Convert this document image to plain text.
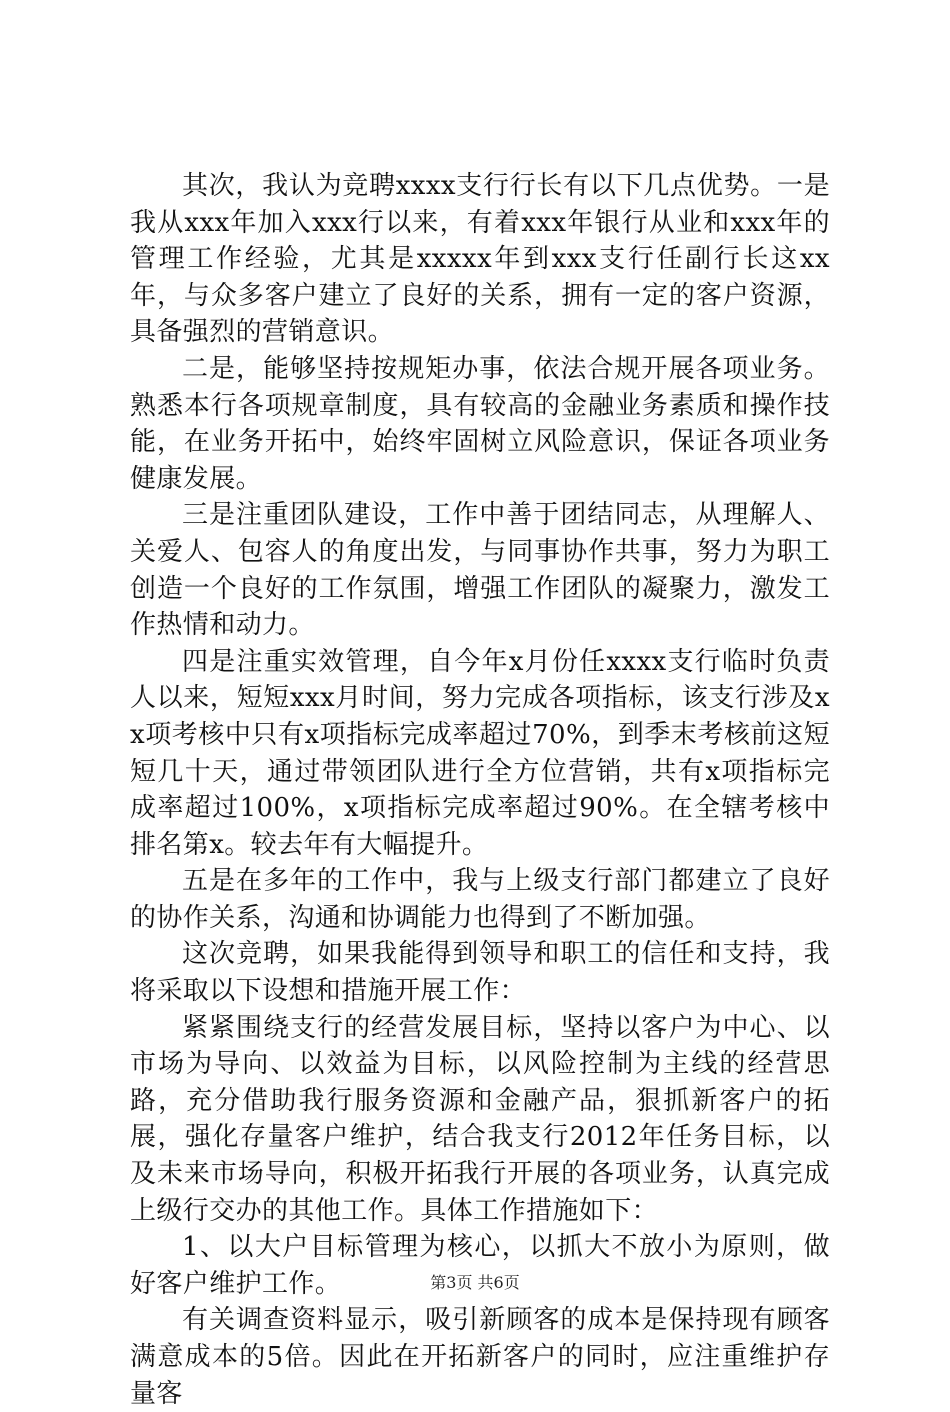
其次，我认为竞聘xxxx支行行长有以下几点优势。一是我从xxx年加入xxx行以来，有着xxx年银行从业和xxx年的管理工作经验，尤其是xxxxx年到xxx支行任副行长这xx年，与众多客户建立了良好的关系，拥有一定的客户资源，具备强烈的营销意识。

二是，能够坚持按规矩办事，依法合规开展各项业务。熟悉本行各项规章制度，具有较高的金融业务素质和操作技能，在业务开拓中，始终牢固树立风险意识，保证各项业务健康发展。

三是注重团队建设，工作中善于团结同志，从理解人、关爱人、包容人的角度出发，与同事协作共事，努力为职工创造一个良好的工作氛围，增强工作团队的凝聚力，激发工作热情和动力。

四是注重实效管理，自今年x月份任xxxx支行临时负责人以来，短短xxx月时间，努力完成各项指标，该支行涉及xx项考核中只有x项指标完成率超过70%，到季末考核前这短短几十天，通过带领团队进行全方位营销，共有x项指标完成率超过100%，x项指标完成率超过90%。在全辖考核中排名第x。较去年有大幅提升。

五是在多年的工作中，我与上级支行部门都建立了良好的协作关系，沟通和协调能力也得到了不断加强。

这次竞聘，如果我能得到领导和职工的信任和支持，我将采取以下设想和措施开展工作：

紧紧围绕支行的经营发展目标，坚持以客户为中心、以市场为导向、以效益为目标，以风险控制为主线的经营思路，充分借助我行服务资源和金融产品，狠抓新客户的拓展，强化存量客户维护，结合我支行2012年任务目标，以及未来市场导向，积极开拓我行开展的各项业务，认真完成上级行交办的其他工作。具体工作措施如下：

1、以大户目标管理为核心，以抓大不放小为原则，做好客户维护工作。

有关调查资料显示，吸引新顾客的成本是保持现有顾客满意成本的5倍。因此在开拓新客户的同时，应注重维护存量客

第3页 共6页
